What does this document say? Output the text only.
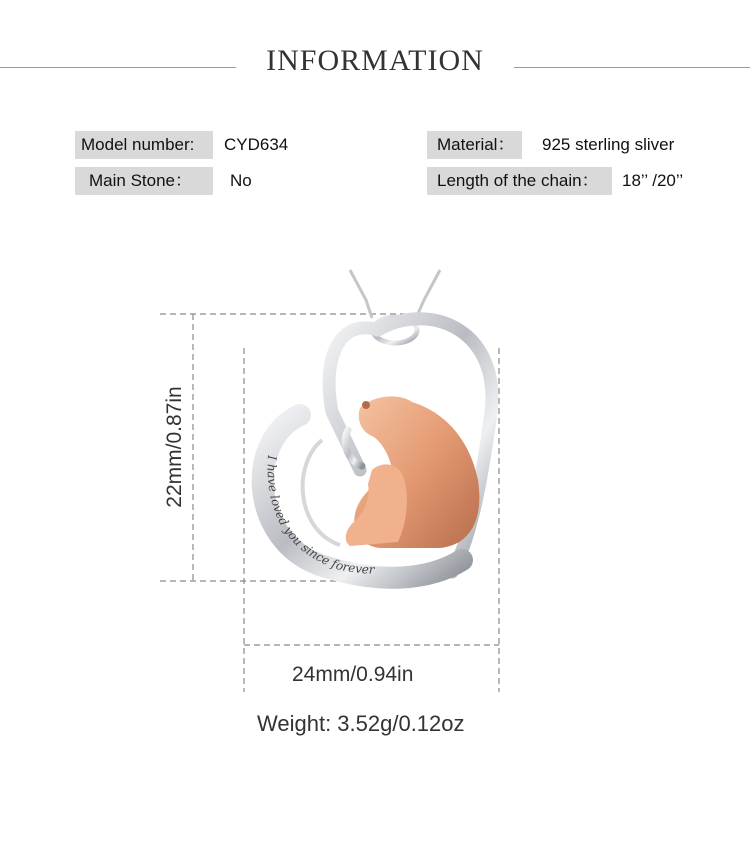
INFORMATION
Model number:	CYD634	Material：	925 sterling sliver
Main Stone：	No	Length of the chain：	18’’ /20’’
I have loved you since forever
22mm/0.87in
24mm/0.94in
Weight: 3.52g/0.12oz
